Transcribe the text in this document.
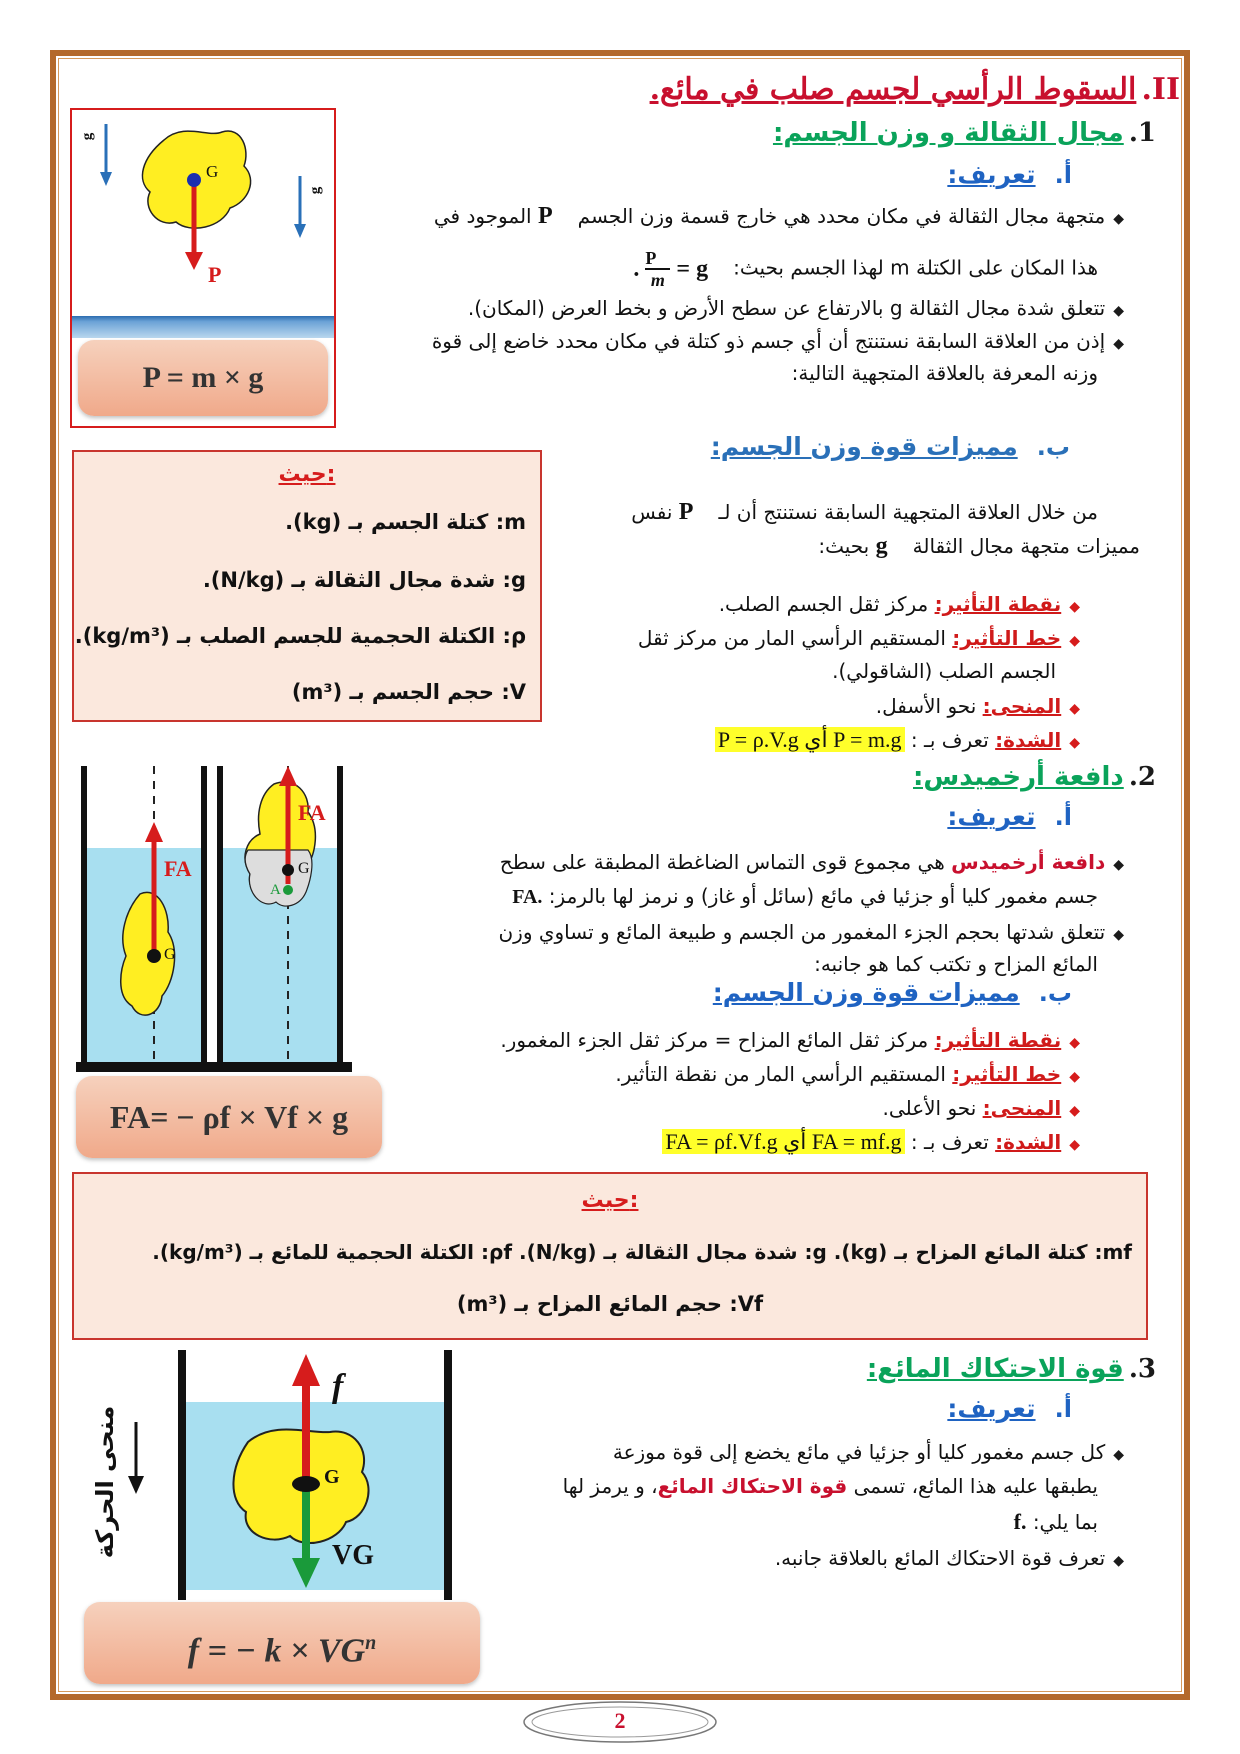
II. السقوط الرأسي لجسم صلب في مائع.
1. مجال الثقالة و وزن الجسم:
أ. تعريف:
◆متجهة مجال الثقالة في مكان محدد هي خارج قسمة وزن الجسم P⃗ الموجود في
هذا المكان على الكتلة m لهذا الجسم بحيث: g⃗ =
$\frac{P⃗}{m}$ .
◆تتعلق شدة مجال الثقالة g بالارتفاع عن سطح الأرض و بخط العرض (المكان).
◆إذن من العلاقة السابقة نستنتج أن أي جسم ذو كتلة في مكان محدد خاضع إلى قوة
وزنه المعرفة بالعلاقة المتجهية التالية:
g
g
G
P
P = m × g
ب. مميزات قوة وزن الجسم:
من خلال العلاقة المتجهية السابقة نستنتج أن لـ P⃗ نفس
مميزات متجهة مجال الثقالة g⃗ بحيث:
◆نقطة التأثير: مركز ثقل الجسم الصلب.
◆خط التأثير: المستقيم الرأسي المار من مركز ثقل
الجسم الصلب (الشاقولي).
◆المنحى: نحو الأسفل.
◆الشدة: تعرف بـ : P = ρ.V.g أي P = m.g
حيث:
m: كتلة الجسم بـ (kg).
g: شدة مجال الثقالة بـ (N/kg).
ρ: الكتلة الحجمية للجسم الصلب بـ (kg/m³).
V: حجم الجسم بـ (m³)
2. دافعة أرخميدس:
أ. تعريف:
◆دافعة أرخميدس هي مجموع قوى التماس الضاغطة المطبقة على سطح
جسم مغمور كليا أو جزئيا في مائع (سائل أو غاز) و نرمز لها بالرمز: FA.
◆تتعلق شدتها بحجم الجزء المغمور من الجسم و طبيعة المائع و تساوي وزن
المائع المزاح و تكتب كما هو جانبه:
ب. مميزات قوة وزن الجسم:
◆نقطة التأثير: مركز ثقل المائع المزاح = مركز ثقل الجزء المغمور.
◆خط التأثير: المستقيم الرأسي المار من نقطة التأثير.
◆المنحى: نحو الأعلى.
◆الشدة: تعرف بـ : FA = ρf.Vf.g أي FA = mf.g
FA
FA
G
G
A
FA= − ρf × Vf × g
حيث:
mf: كتلة المائع المزاح بـ (kg). g: شدة مجال الثقالة بـ (N/kg). ρf: الكتلة الحجمية للمائع بـ (kg/m³).
Vf: حجم المائع المزاح بـ (m³)
3. قوة الاحتكاك المائع:
أ. تعريف:
◆كل جسم مغمور كليا أو جزئيا في مائع يخضع إلى قوة موزعة
يطبقها عليه هذا المائع، تسمى قوة الاحتكاك المائع، و يرمز لها
بما يلي: f.
◆تعرف قوة الاحتكاك المائع بالعلاقة جانبه.
f
G
VG
منحى الحركة
f = − $k \times VG^n$
2
